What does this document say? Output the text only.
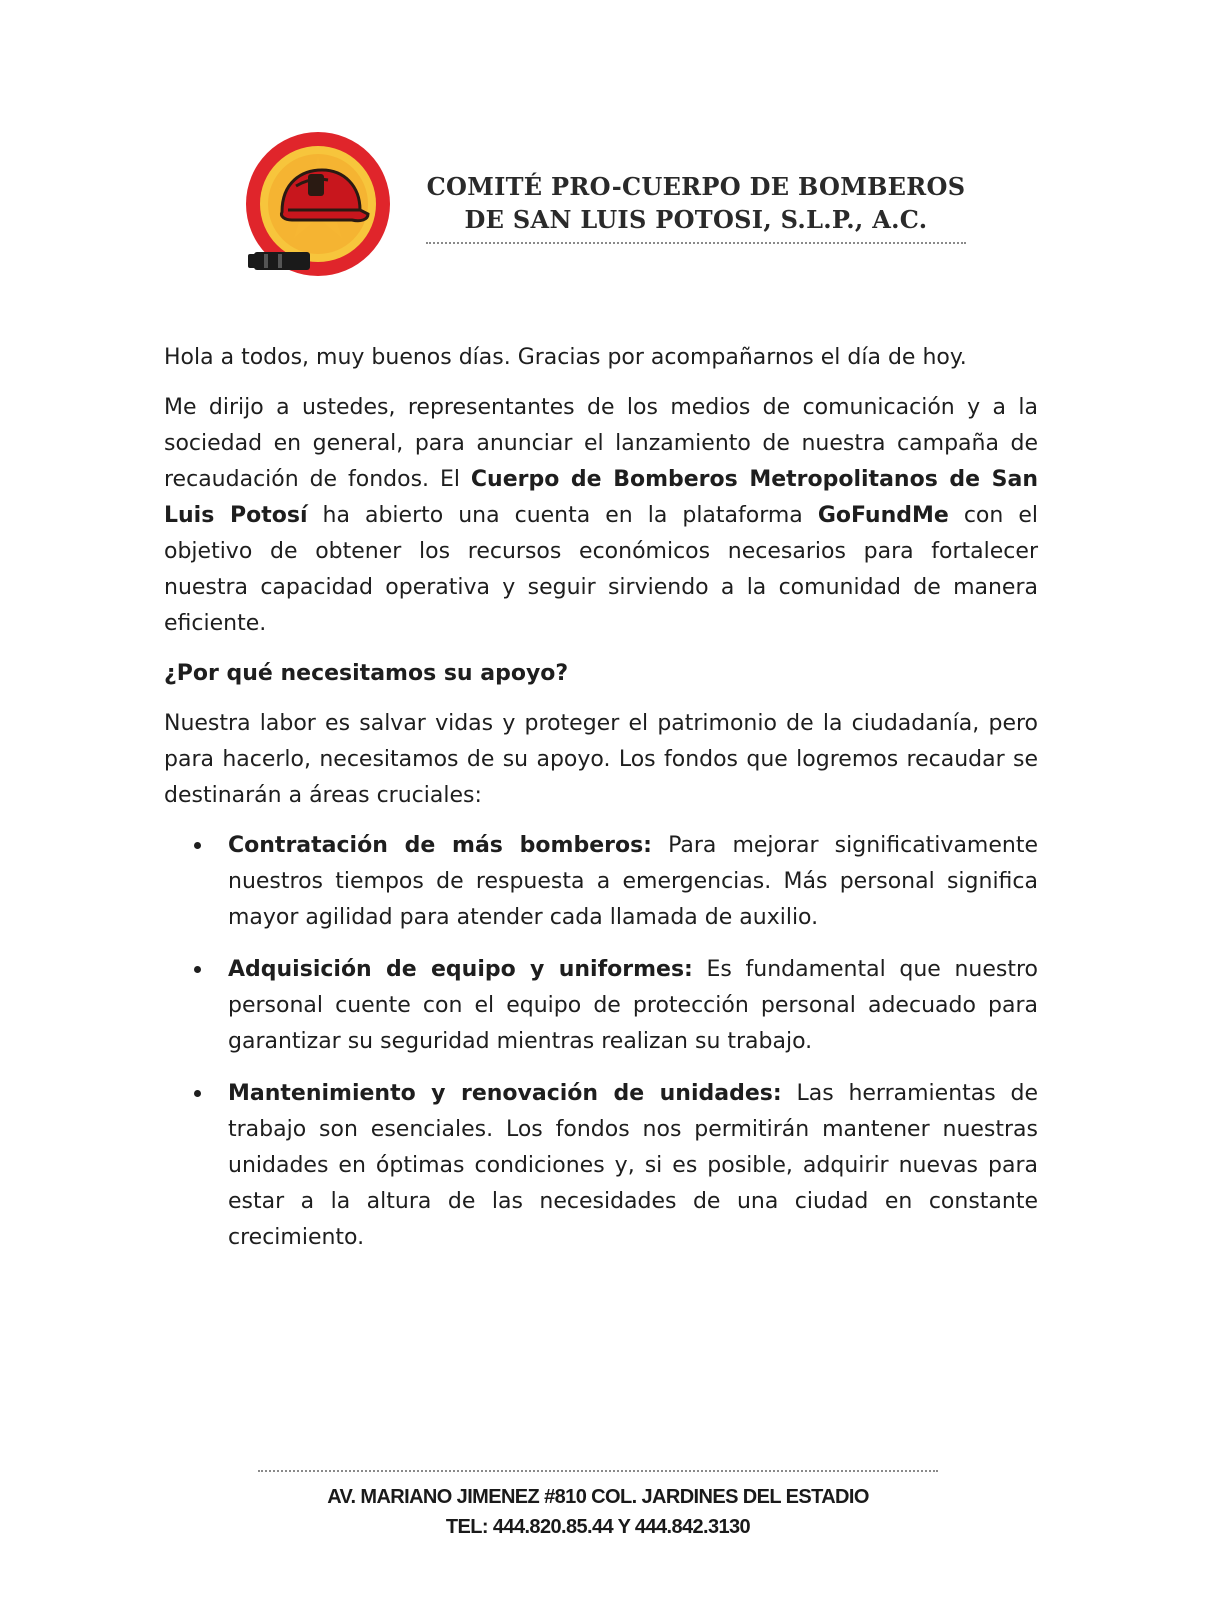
COMITÉ PRO-CUERPO DE BOMBEROS
DE SAN LUIS POTOSI, S.L.P., A.C.

Hola a todos, muy buenos días. Gracias por acompañarnos el día de hoy.

Me dirijo a ustedes, representantes de los medios de comunicación y a la sociedad en general, para anunciar el lanzamiento de nuestra campaña de recaudación de fondos. El Cuerpo de Bomberos Metropolitanos de San Luis Potosí ha abierto una cuenta en la plataforma GoFundMe con el objetivo de obtener los recursos económicos necesarios para fortalecer nuestra capacidad operativa y seguir sirviendo a la comunidad de manera eficiente.

¿Por qué necesitamos su apoyo?

Nuestra labor es salvar vidas y proteger el patrimonio de la ciudadanía, pero para hacerlo, necesitamos de su apoyo. Los fondos que logremos recaudar se destinarán a áreas cruciales:

Contratación de más bomberos: Para mejorar significativamente nuestros tiempos de respuesta a emergencias. Más personal significa mayor agilidad para atender cada llamada de auxilio.
Adquisición de equipo y uniformes: Es fundamental que nuestro personal cuente con el equipo de protección personal adecuado para garantizar su seguridad mientras realizan su trabajo.
Mantenimiento y renovación de unidades: Las herramientas de trabajo son esenciales. Los fondos nos permitirán mantener nuestras unidades en óptimas condiciones y, si es posible, adquirir nuevas para estar a la altura de las necesidades de una ciudad en constante crecimiento.
AV. MARIANO JIMENEZ #810 COL. JARDINES DEL ESTADIO
TEL: 444.820.85.44 Y 444.842.3130
